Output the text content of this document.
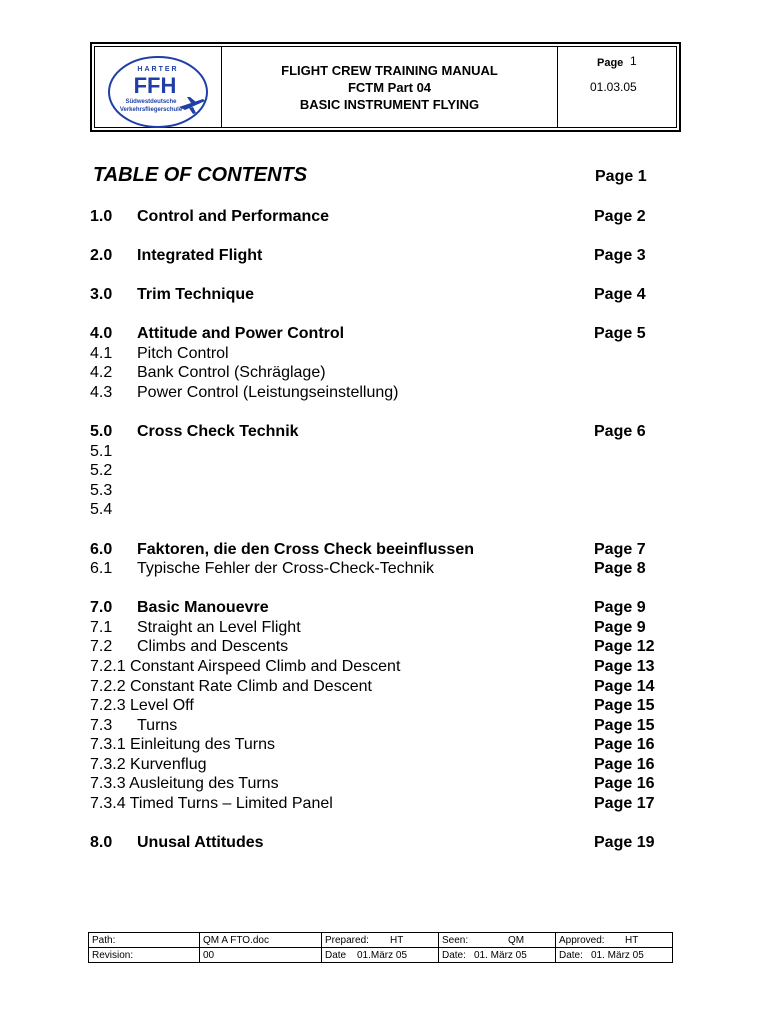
HARTER
FFH
Südwestdeutsche
Verkehrsfliegerschule
FLIGHT CREW TRAINING MANUAL
FCTM Part 04
BASIC INSTRUMENT FLYING
Page 1
01.03.05
TABLE OF CONTENTS	Page 1
1.0 Control and Performance	Page 2
2.0 Integrated Flight	Page 3
3.0 Trim Technique	Page 4
4.0 Attitude and Power Control	Page 5
4.1 Pitch Control
4.2 Bank Control (Schräglage)
4.3 Power Control (Leistungseinstellung)
5.0 Cross Check Technik	Page 6
5.1
5.2
5.3
5.4
6.0 Faktoren, die den Cross Check beeinflussen	Page 7
6.1 Typische Fehler der Cross-Check-Technik	Page 8
7.0 Basic Manouevre	Page 9
7.1 Straight an Level Flight	Page 9
7.2 Climbs and Descents	Page 12
7.2.1 Constant Airspeed Climb and Descent	Page 13
7.2.2 Constant Rate Climb and Descent	Page 14
7.2.3 Level Off	Page 15
7.3 Turns	Page 15
7.3.1 Einleitung des Turns	Page 16
7.3.2 Kurvenflug	Page 16
7.3.3 Ausleitung des Turns	Page 16
7.3.4 Timed Turns – Limited Panel	Page 17
8.0 Unusal Attitudes	Page 19
Path:	QM A FTO.doc	Prepared: HT	Seen: QM	Approved: HT
Revision:	00	Date 01.März 05	Date: 01. März 05	Date: 01. März 05
